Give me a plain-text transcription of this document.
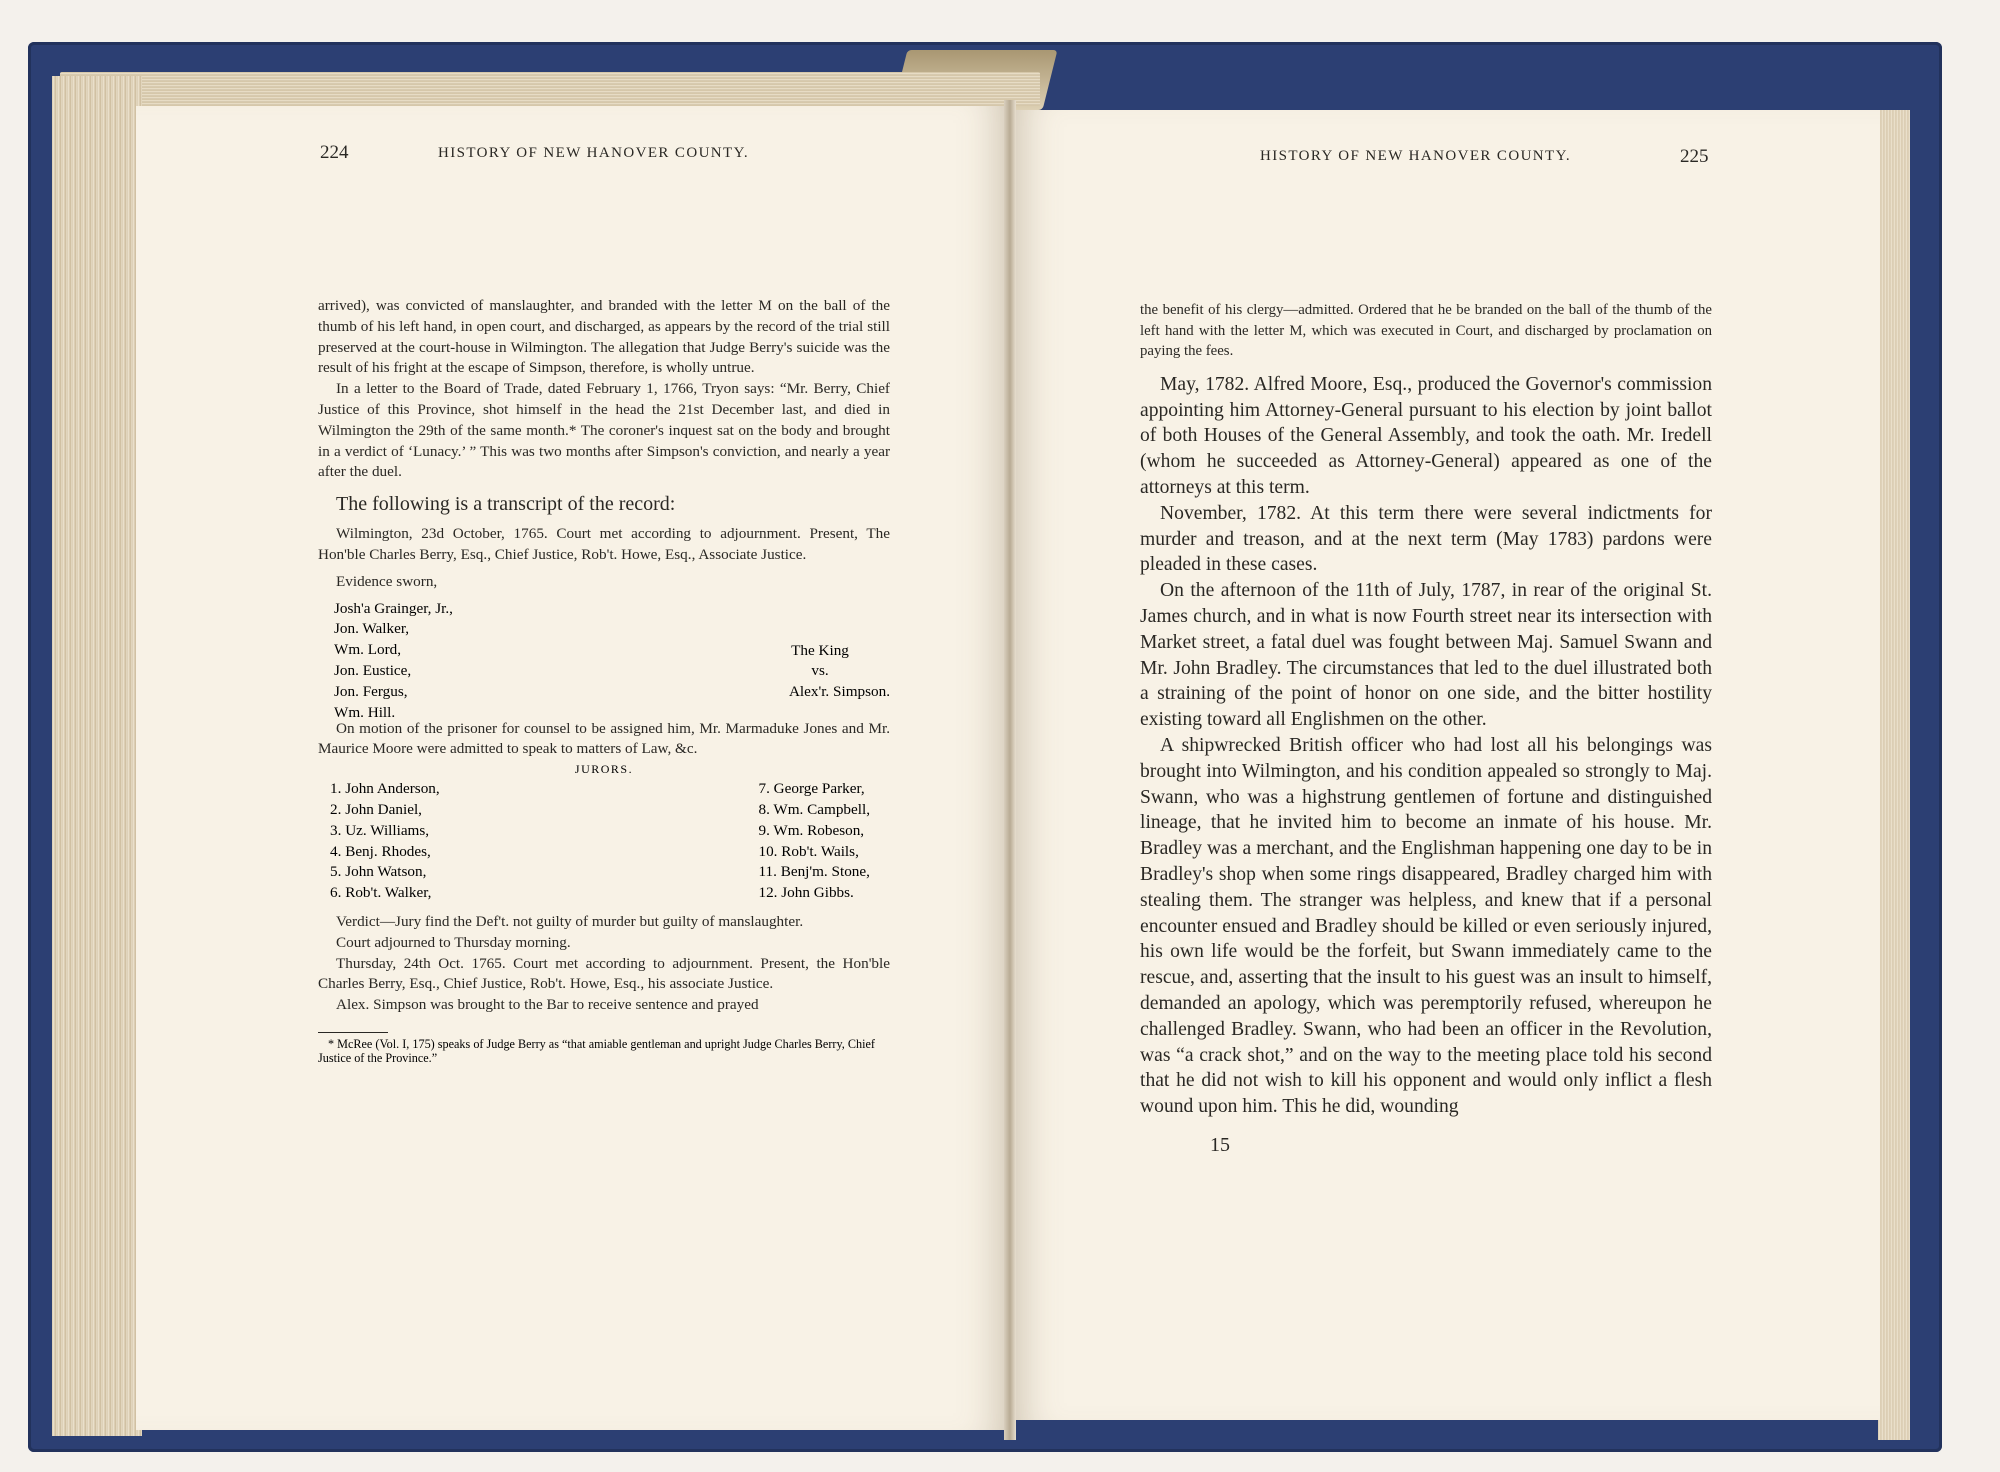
224	HISTORY OF NEW HANOVER COUNTY.

arrived), was convicted of manslaughter, and branded with the letter M on the ball of the thumb of his left hand, in open court, and discharged, as appears by the record of the trial still preserved at the court-house in Wilmington. The allegation that Judge Berry's suicide was the result of his fright at the escape of Simpson, therefore, is wholly untrue.

In a letter to the Board of Trade, dated February 1, 1766, Tryon says: “Mr. Berry, Chief Justice of this Province, shot himself in the head the 21st December last, and died in Wilmington the 29th of the same month.* The coroner's inquest sat on the body and brought in a verdict of ‘Lunacy.’ ” This was two months after Simpson's conviction, and nearly a year after the duel.

The following is a transcript of the record:

Wilmington, 23d October, 1765. Court met according to adjournment. Present, The Hon'ble Charles Berry, Esq., Chief Justice, Rob't. Howe, Esq., Associate Justice.

Evidence sworn,
Josh'a Grainger, Jr.,
Jon. Walker,
Wm. Lord,
Jon. Eustice,
Jon. Fergus,
Wm. Hill.
The King
vs.
Alex'r. Simpson.

On motion of the prisoner for counsel to be assigned him, Mr. Marmaduke Jones and Mr. Maurice Moore were admitted to speak to matters of Law, &c.

JURORS.
1. John Anderson,
2. John Daniel,
3. Uz. Williams,
4. Benj. Rhodes,
5. John Watson,
6. Rob't. Walker,
7. George Parker,
8. Wm. Campbell,
9. Wm. Robeson,
10. Rob't. Wails,
11. Benj'm. Stone,
12. John Gibbs.

Verdict—Jury find the Def't. not guilty of murder but guilty of manslaughter.

Court adjourned to Thursday morning.

Thursday, 24th Oct. 1765. Court met according to adjournment. Present, the Hon'ble Charles Berry, Esq., Chief Justice, Rob't. Howe, Esq., his associate Justice.

Alex. Simpson was brought to the Bar to receive sentence and prayed

* McRee (Vol. I, 175) speaks of Judge Berry as “that amiable gentleman and upright Judge Charles Berry, Chief Justice of the Province.”

HISTORY OF NEW HANOVER COUNTY.	225

the benefit of his clergy—admitted. Ordered that he be branded on the ball of the thumb of the left hand with the letter M, which was executed in Court, and discharged by proclamation on paying the fees.

May, 1782. Alfred Moore, Esq., produced the Governor's commission appointing him Attorney-General pursuant to his election by joint ballot of both Houses of the General Assembly, and took the oath. Mr. Iredell (whom he succeeded as Attorney-General) appeared as one of the attorneys at this term.

November, 1782. At this term there were several indictments for murder and treason, and at the next term (May 1783) pardons were pleaded in these cases.

On the afternoon of the 11th of July, 1787, in rear of the original St. James church, and in what is now Fourth street near its intersection with Market street, a fatal duel was fought between Maj. Samuel Swann and Mr. John Bradley. The circumstances that led to the duel illustrated both a straining of the point of honor on one side, and the bitter hostility existing toward all Englishmen on the other.

A shipwrecked British officer who had lost all his belongings was brought into Wilmington, and his condition appealed so strongly to Maj. Swann, who was a highstrung gentlemen of fortune and distinguished lineage, that he invited him to become an inmate of his house. Mr. Bradley was a merchant, and the Englishman happening one day to be in Bradley's shop when some rings disappeared, Bradley charged him with stealing them. The stranger was helpless, and knew that if a personal encounter ensued and Bradley should be killed or even seriously injured, his own life would be the forfeit, but Swann immediately came to the rescue, and, asserting that the insult to his guest was an insult to himself, demanded an apology, which was peremptorily refused, whereupon he challenged Bradley. Swann, who had been an officer in the Revolution, was “a crack shot,” and on the way to the meeting place told his second that he did not wish to kill his opponent and would only inflict a flesh wound upon him. This he did, wounding

15
